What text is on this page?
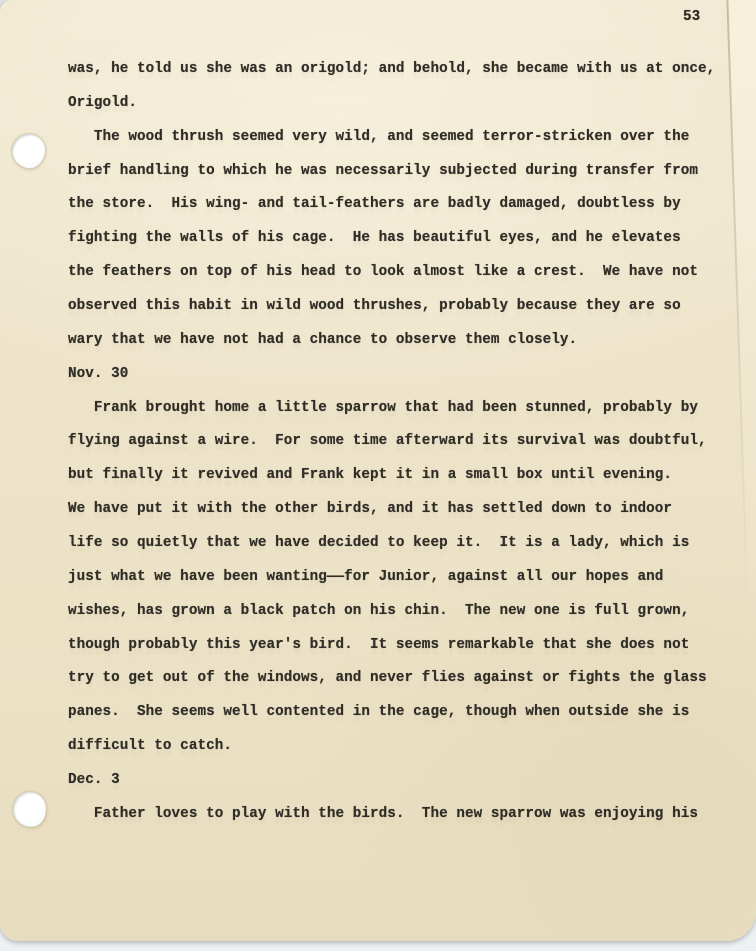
53
was, he told us she was an origold; and behold, she became with us at once,
Origold.
The wood thrush seemed very wild, and seemed terror-stricken over the
brief handling to which he was necessarily subjected during transfer from
the store.  His wing- and tail-feathers are badly damaged, doubtless by
fighting the walls of his cage.  He has beautiful eyes, and he elevates
the feathers on top of his head to look almost like a crest.  We have not
observed this habit in wild wood thrushes, probably because they are so
wary that we have not had a chance to observe them closely.
Nov. 30
Frank brought home a little sparrow that had been stunned, probably by
flying against a wire.  For some time afterward its survival was doubtful,
but finally it revived and Frank kept it in a small box until evening.
We have put it with the other birds, and it has settled down to indoor
life so quietly that we have decided to keep it.  It is a lady, which is
just what we have been wanting——for Junior, against all our hopes and
wishes, has grown a black patch on his chin.  The new one is full grown,
though probably this year's bird.  It seems remarkable that she does not
try to get out of the windows, and never flies against or fights the glass
panes.  She seems well contented in the cage, though when outside she is
difficult to catch.
Dec. 3
Father loves to play with the birds.  The new sparrow was enjoying his
